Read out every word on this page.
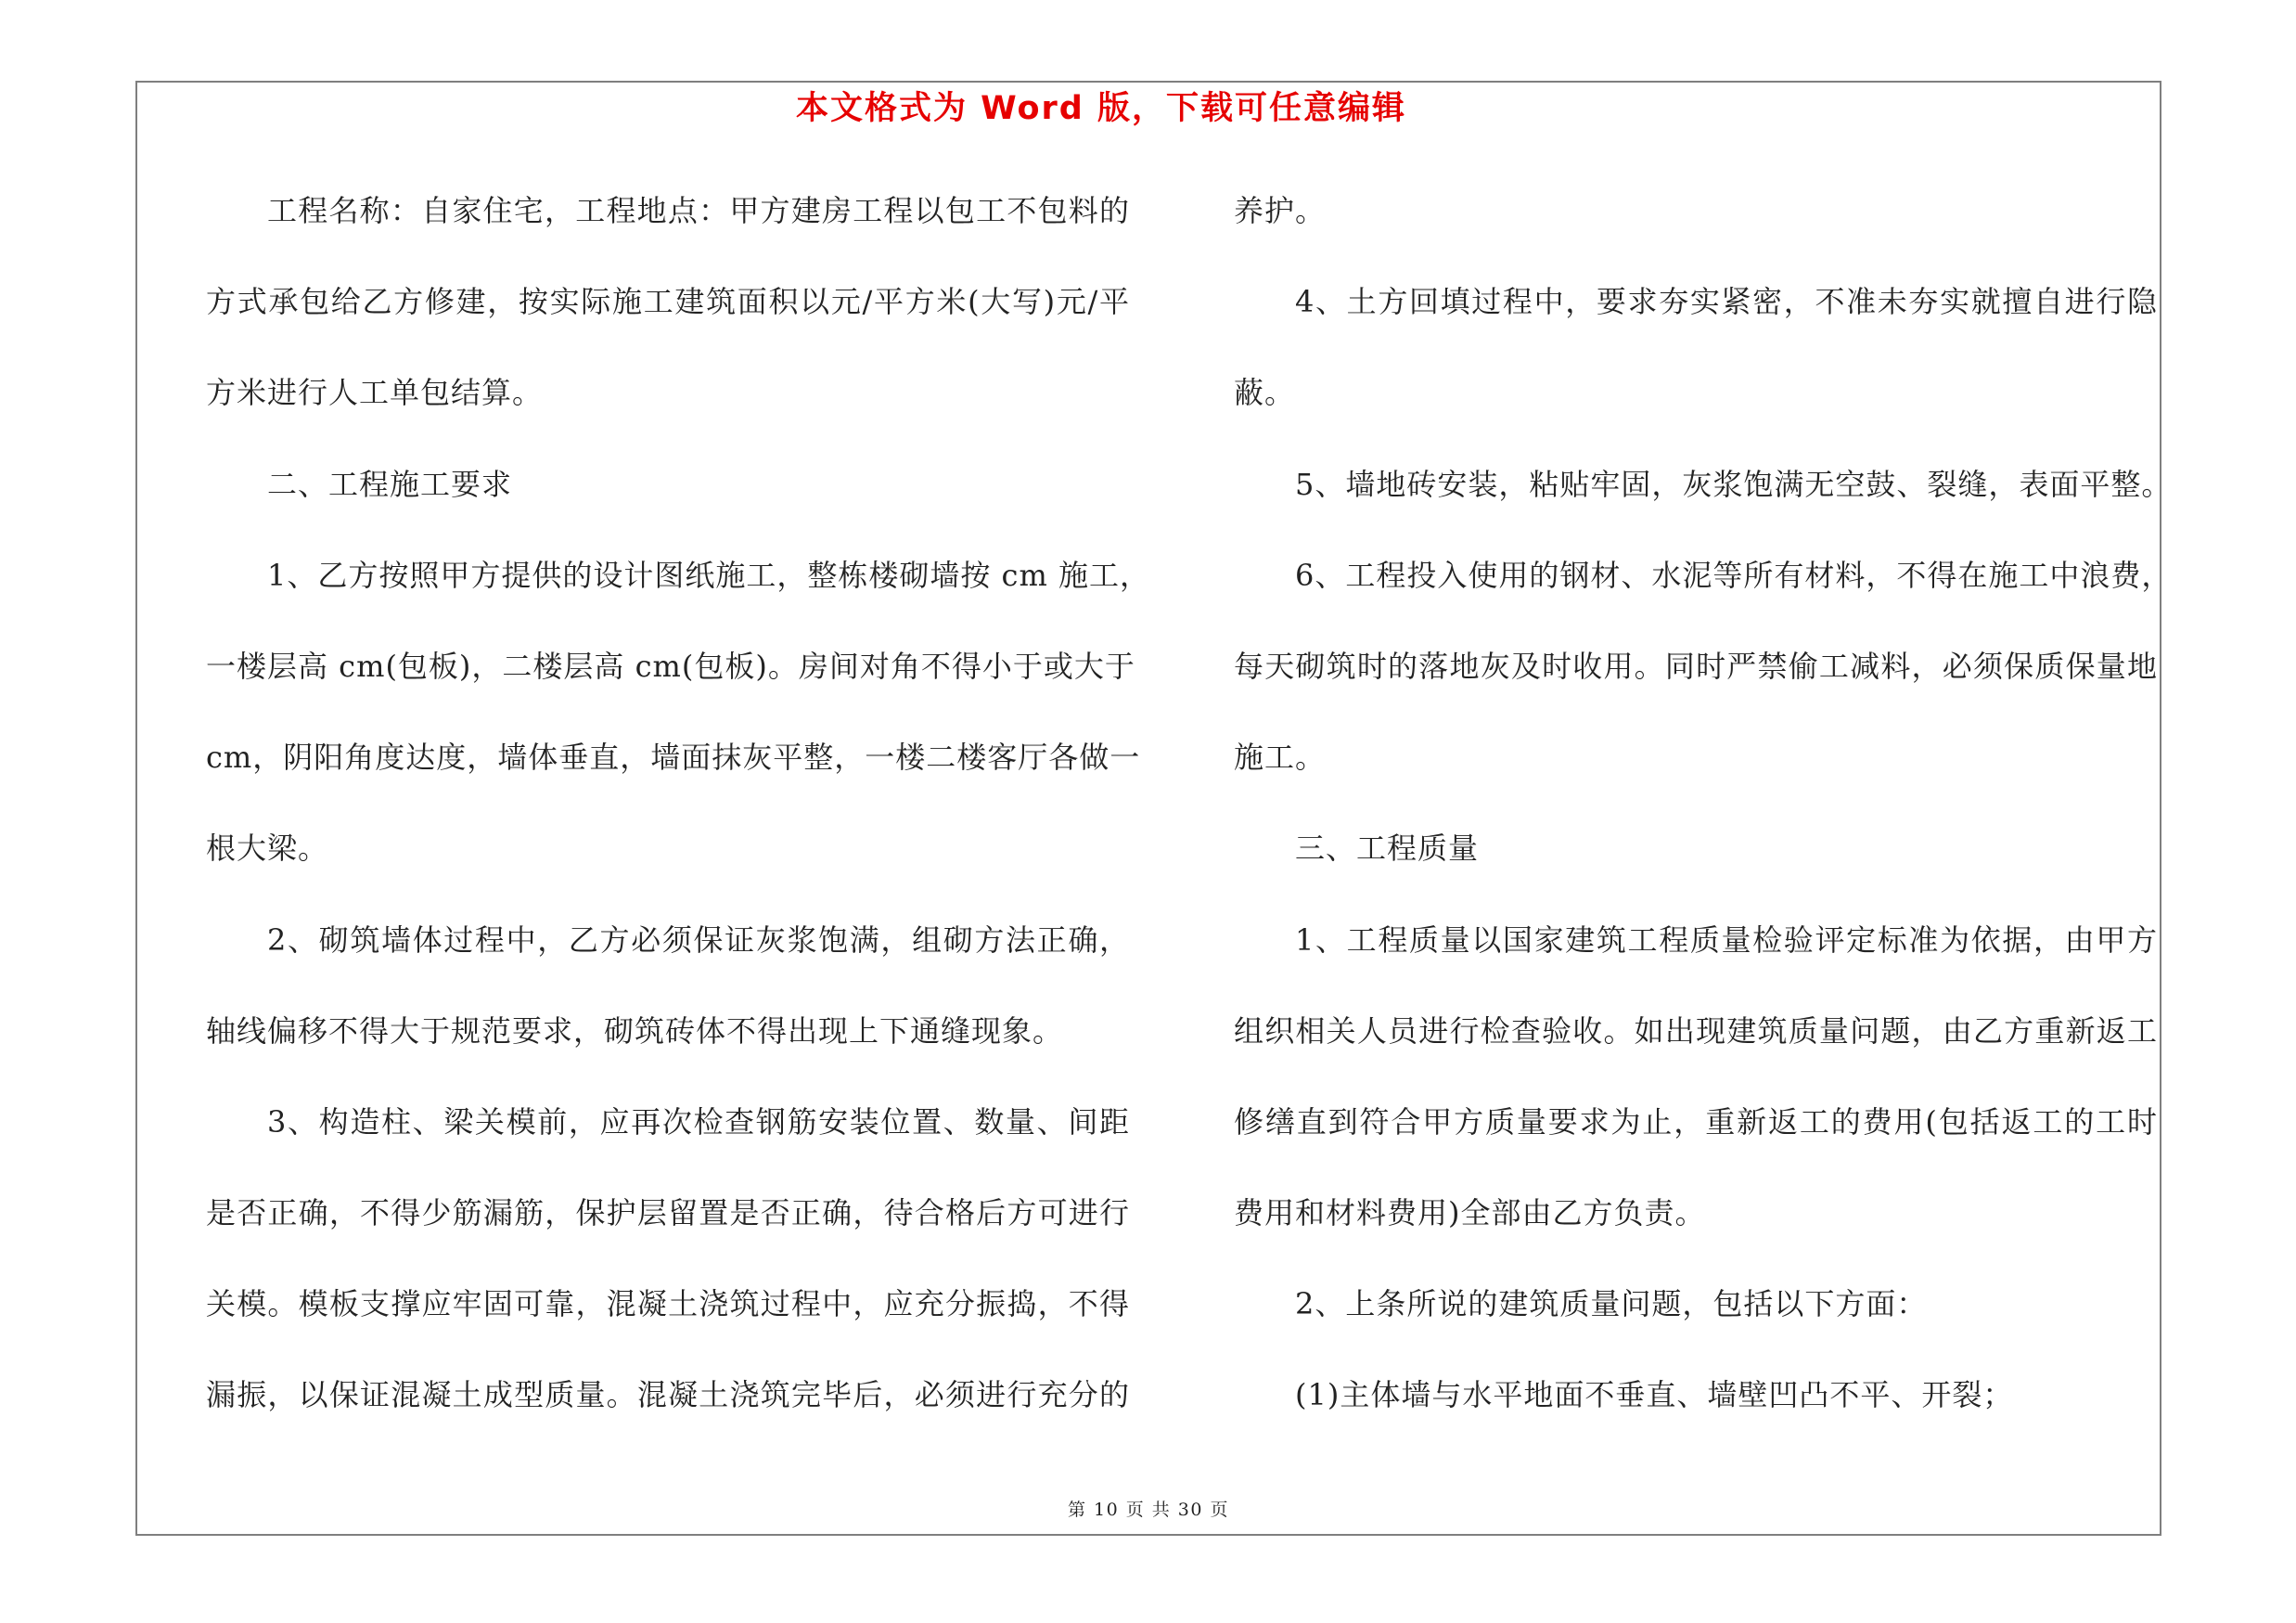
本文格式为 Word 版，下载可任意编辑
工程名称：自家住宅，工程地点：甲方建房工程以包工不包料的
方式承包给乙方修建，按实际施工建筑面积以元/平方米(大写)元/平
方米进行人工单包结算。
二、工程施工要求
1、乙方按照甲方提供的设计图纸施工，整栋楼砌墙按 cm 施工，
一楼层高 cm(包板)，二楼层高 cm(包板)。房间对角不得小于或大于
cm，阴阳角度达度，墙体垂直，墙面抹灰平整，一楼二楼客厅各做一
根大梁。
2、砌筑墙体过程中，乙方必须保证灰浆饱满，组砌方法正确，
轴线偏移不得大于规范要求，砌筑砖体不得出现上下通缝现象。
3、构造柱、梁关模前，应再次检查钢筋安装位置、数量、间距
是否正确，不得少筋漏筋，保护层留置是否正确，待合格后方可进行
关模。模板支撑应牢固可靠，混凝土浇筑过程中，应充分振捣，不得
漏振，以保证混凝土成型质量。混凝土浇筑完毕后，必须进行充分的
养护。
4、土方回填过程中，要求夯实紧密，不准未夯实就擅自进行隐
蔽。
5、墙地砖安装，粘贴牢固，灰浆饱满无空鼓、裂缝，表面平整。
6、工程投入使用的钢材、水泥等所有材料，不得在施工中浪费，
每天砌筑时的落地灰及时收用。同时严禁偷工减料，必须保质保量地
施工。
三、工程质量
1、工程质量以国家建筑工程质量检验评定标准为依据，由甲方
组织相关人员进行检查验收。如出现建筑质量问题，由乙方重新返工
修缮直到符合甲方质量要求为止，重新返工的费用(包括返工的工时
费用和材料费用)全部由乙方负责。
2、上条所说的建筑质量问题，包括以下方面：
(1)主体墙与水平地面不垂直、墙壁凹凸不平、开裂；
第 10 页 共 30 页
